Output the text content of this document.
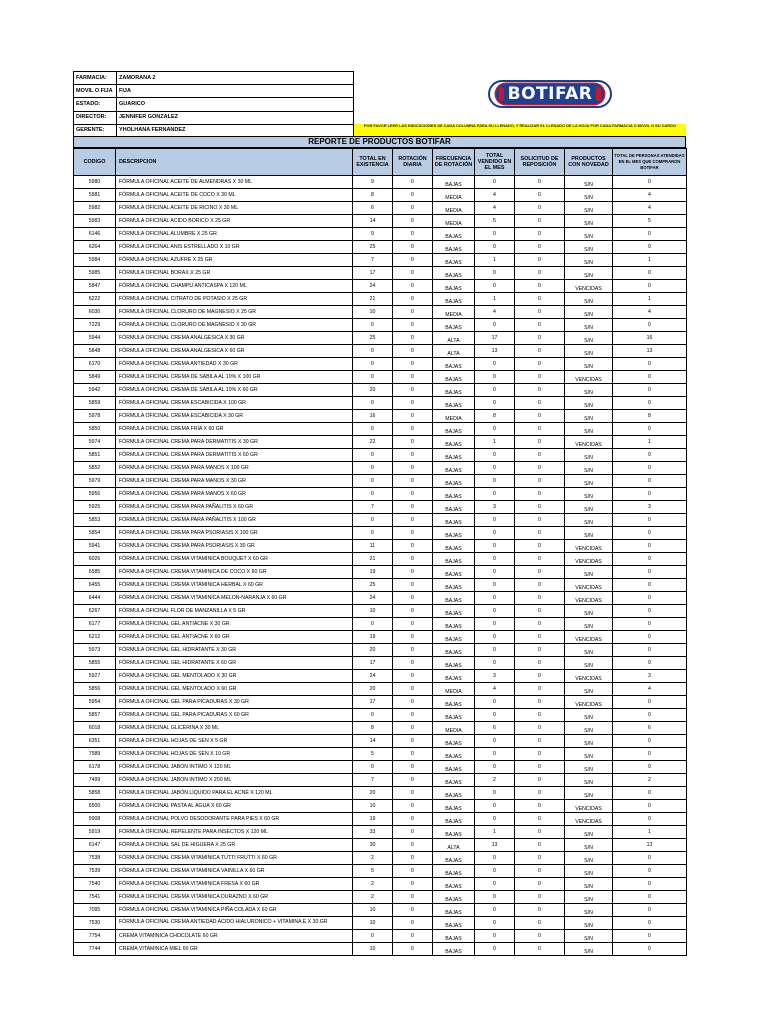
FARMACIA:	ZAMORANA 2
MOVIL O FIJA	FIJA
ESTADO:	GUARICO
DIRECTOR:	JENNIFER GONZALEZ
GERENTE:	YHOLHANA FERNANDEZ
BOTIFAR
POR FAVOR LEER LAS INDICACIONES DE CADA COLUMNA PARA SU LLENADO, Y REALIZAR EL LLENADO DE LA HOJA POR CADA FARMACIA O MOVIL O SU CARGO
REPORTE DE PRODUCTOS BOTIFAR
CODIGO	DESCRIPCION	TOTAL EN EXISTENCIA	ROTACIÓN DIARIA	FRECUENCIA DE ROTACIÓN	TOTAL VENDIDO EN EL MES	SOLICITUD DE REPOSICIÓN	PRODUCTOS CON NOVEDAD	TOTAL DE PERSONAS ATENDIDAS EN EL MES QUE COMPRARON BOTIFAR
5980	FÓRMULA OFICINAL ACEITE DE ALMENDRAS X 30 ML	9	0	BAJAS	0	0	S/N	0
5981	FÓRMULA OFICINAL ACEITE DE COCO X 30 ML	8	0	MEDIA	4	0	S/N	4
5982	FÓRMULA OFICINAL ACEITE DE RICINO X 30 ML	6	0	MEDIA	4	0	S/N	4
5983	FÓRMULA OFICINAL ACIDO BORICO X 25 GR	14	0	MEDIA	5	0	S/N	5
6146	FÓRMULA OFICINAL ALUMBRE X 25 GR	9	0	BAJAS	0	0	S/N	0
6264	FÓRMULA OFICINAL ANIS ESTRELLADO X 10 GR	25	0	BAJAS	0	0	S/N	0
5984	FÓRMULA OFICINAL AZUFRE X 25 GR	7	0	BAJAS	1	0	S/N	1
5985	FÓRMULA OFICINAL BORAX X 25 GR	17	0	BAJAS	0	0	S/N	0
5847	FÓRMULA OFICINAL CHAMPU ANTICASPA X 120 ML	24	0	BAJAS	0	0	VENCIDAS	0
6222	FÓRMULA OFICINAL CITRATO DE POTASIO X 25 GR	21	0	BAJAS	1	0	S/N	1
6030	FÓRMULA OFICINAL CLORURO DE MAGNESIO X 25 GR	10	0	MEDIA	4	0	S/N	4
7229	FÓRMULA OFICINAL CLORURO DE MAGNESIO X 30 GR	0	0	BAJAS	0	0	S/N	0
5944	FÓRMULA OFICINAL CREMA ANALGÉSICA X 30 GR	25	0	ALTA	17	0	S/N	16
5848	FÓRMULA OFICINAL CREMA ANALGESICA X 60 GR	0	0	ALTA	13	0	S/N	13
6170	FÓRMULA OFICINAL CREMA ANTIEDAD X 30 GR	0	0	BAJAS	0	0	S/N	0
5849	FÓRMULA OFICINAL CREMA DE SÁBILA AL 10% X 100 GR	0	0	BAJAS	0	0	VENCIDAS	0
5942	FÓRMULA OFICINAL CREMA DE SÁBILA AL 10% X 60 GR	20	0	BAJAS	0	0	S/N	0
5859	FÓRMULA OFICINAL CREMA ESCABICIDA X 100 GR	0	0	BAJAS	0	0	S/N	0
5978	FÓRMULA OFICINAL CREMA ESCABICIDA X 30 GR	16	0	MEDIA	8	0	S/N	8
5850	FÓRMULA OFICINAL CREMA FRÍA X 60 GR	0	0	BAJAS	0	0	S/N	0
5974	FÓRMULA OFICINAL CREMA PARA DERMATITIS X 30 GR	22	0	BAJAS	1	0	VENCIDAS	1
5851	FÓRMULA OFICINAL CREMA PARA DERMATITIS X 60 GR	0	0	BAJAS	0	0	S/N	0
5852	FÓRMULA OFICINAL CREMA PARA MANOS X 100 GR	0	0	BAJAS	0	0	S/N	0
5979	FÓRMULA OFICINAL CREMA PARA MANOS X 30 GR	0	0	BAJAS	0	0	S/N	0
5956	FÓRMULA OFICINAL CREMA PARA MANOS X 60 GR	0	0	BAJAS	0	0	S/N	0
5925	FÓRMULA OFICINAL CREMA PARA PAÑALITIS X 60 GR	7	0	BAJAS	3	0	S/N	3
5853	FÓRMULA OFICINAL CREMA PARA PAÑALITIS X 100 GR	0	0	BAJAS	0	0	S/N	0
5854	FÓRMULA OFICINAL CREMA PARA PSORIASIS X 100 GR	0	0	BAJAS	0	0	S/N	0
5941	FÓRMULA OFICINAL CREMA PARA PSORIASIS X 30 GR	11	0	BAJAS	0	0	VENCIDAS	0
6026	FÓRMULA OFICINAL CREMA VITAMINICA BOUQUET X 60 GR	21	0	BAJAS	0	0	VENCIDAS	0
6585	FÓRMULA OFICINAL CREMA VITAMINICA DE COCO X 60 GR	19	0	BAJAS	0	0	S/N	0
6455	FÓRMULA OFICINAL CREMA VITAMINICA HERBAL X 60 GR	25	0	BAJAS	0	0	VENCIDAS	0
6444	FÓRMULA OFICINAL CREMA VITAMINICA MELON-NARANJA X 60 GR	24	0	BAJAS	0	0	VENCIDAS	0
6267	FÓRMULA OFICINAL FLOR DE MANZANILLA X 5 GR	10	0	BAJAS	0	0	S/N	0
6177	FÓRMULA OFICINAL GEL ANTIACNE X 30 GR	0	0	BAJAS	0	0	S/N	0
6212	FÓRMULA OFICINAL GEL ANTIACNE X 60 GR	19	0	BAJAS	0	0	VENCIDAS	0
5973	FÓRMULA OFICINAL GEL HIDRATANTE X 30 GR	20	0	BAJAS	0	0	S/N	0
5855	FÓRMULA OFICINAL GEL HIDRATANTE X 60 GR	17	0	BAJAS	0	0	S/N	0
5927	FÓRMULA OFICINAL GEL MENTOLADO X 30 GR	24	0	BAJAS	3	0	VENCIDAS	3
5856	FÓRMULA OFICINAL GEL MENTOLADO X 60 GR	20	0	MEDIA	4	0	S/N	4
5954	FÓRMULA OFICINAL GEL PARA PICADURAS X 30 GR	17	0	BAJAS	0	0	VENCIDAS	0
5857	FÓRMULA OFICINAL GEL PARA PICADURAS X 60 GR	0	0	BAJAS	0	0	S/N	0
6018	FÓRMULA OFICINAL GLICERINA X 30 ML	8	0	MEDIA	6	0	S/N	6
6351	FÓRMULA OFICINAL HOJAS DE SEN X 5 GR	14	0	BAJAS	0	0	S/N	0
7589	FÓRMULA OFICINAL HOJAS DE SEN X 10 GR	5	0	BAJAS	0	0	S/N	0
6178	FÓRMULA OFICINAL JABON INTIMO X 120 ML	0	0	BAJAS	0	0	S/N	0
7499	FÓRMULA OFICINAL JABON INTIMO X 200 ML	7	0	BAJAS	2	0	S/N	2
5858	FÓRMULA OFICINAL JABÓN LÍQUIDO PARA EL ACNÉ X 120 ML	20	0	BAJAS	0	0	S/N	0
6500	FÓRMULA OFICINAL PASTA AL AGUA X 60 GR	10	0	BAJAS	0	0	VENCIDAS	0
5908	FÓRMULA OFICINAL POLVO DESODORANTE PARA PIES X 60 GR	19	0	BAJAS	0	0	VENCIDAS	0
5919	FÓRMULA OFICINAL REPELENTE PARA INSECTOS X 120 ML	33	0	BAJAS	1	0	S/N	1
6147	FÓRMULA OFICINAL SAL DE HIGUERA X 25 GR	30	0	ALTA	13	0	S/N	13
7538	FÓRMULA OFICINAL CREMA VITAMINICA TUTTI FRUTTI X 60 GR	2	0	BAJAS	0	0	S/N	0
7539	FÓRMULA OFICINAL CREMA VITAMINICA VAINILLA X 60 GR	5	0	BAJAS	0	0	S/N	0
7540	FÓRMULA OFICINAL CREMA VITAMINICA FRESA X 60 GR	2	0	BAJAS	0	0	S/N	0
7541	FÓRMULA OFICINAL CREMA VITAMINICA DURAZNO X 60 GR	2	0	BAJAS	0	0	S/N	0
7095	FÓRMULA OFICINAL CREMA VITAMINICA PIÑA COLADA X 60 GR	10	0	BAJAS	0	0	S/N	0
7530	FÓRMULA OFICINAL CREMA ANTIEDAD ACIDO HIALURONICO + VITAMINA E X 30 GR	10	0	BAJAS	0	0	S/N	0
7754	CREMA VITAMINICA CHOCOLATE 60 GR	0	0	BAJAS	0	0	S/N	0
7744	CREMA VITAMINICA MIEL 60 GR	10	0	BAJAS	0	0	S/N	0
